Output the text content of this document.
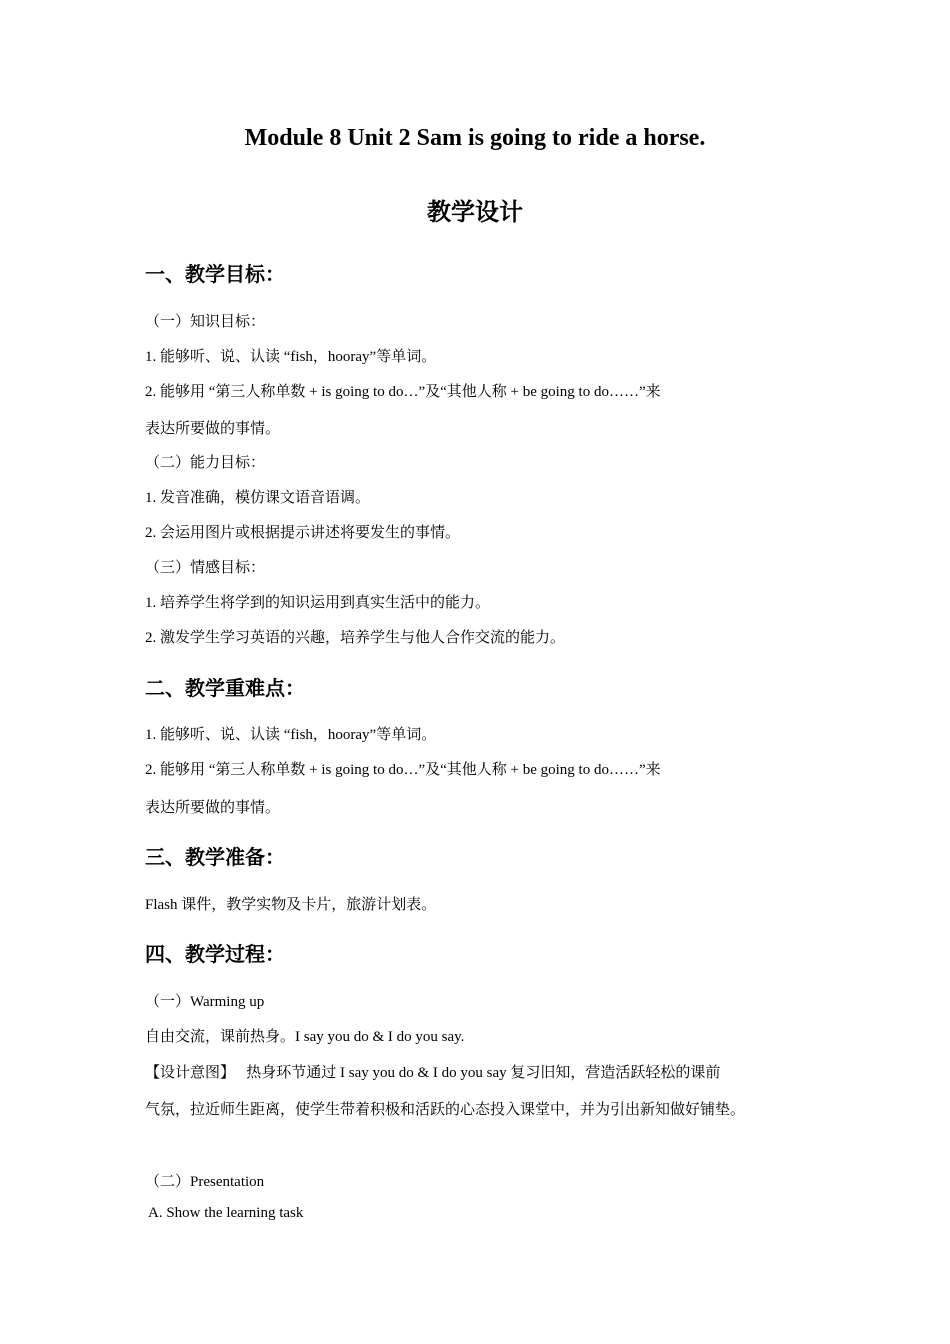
Module 8 Unit 2 Sam is going to ride a horse.
教学设计
一、教学目标：
（一）知识目标：
1. 能够听、说、认读 “fish，hooray”等单词。
2. 能够用 “第三人称单数 + is going to do…”及“其他人称 + be going to do……”来
表达所要做的事情。
（二）能力目标：
1. 发音准确，模仿课文语音语调。
2. 会运用图片或根据提示讲述将要发生的事情。
（三）情感目标：
1. 培养学生将学到的知识运用到真实生活中的能力。
2. 激发学生学习英语的兴趣，培养学生与他人合作交流的能力。
二、教学重难点：
1. 能够听、说、认读 “fish，hooray”等单词。
2. 能够用 “第三人称单数 + is going to do…”及“其他人称 + be going to do……”来
表达所要做的事情。
三、教学准备：
Flash 课件，教学实物及卡片，旅游计划表。
四、教学过程：
（一）Warming up
自由交流，课前热身。I say you do & I do you say.
【设计意图】 热身环节通过 I say you do & I do you say 复习旧知，营造活跃轻松的课前
气氛，拉近师生距离，使学生带着积极和活跃的心态投入课堂中，并为引出新知做好铺垫。
（二）Presentation
A. Show the learning task
